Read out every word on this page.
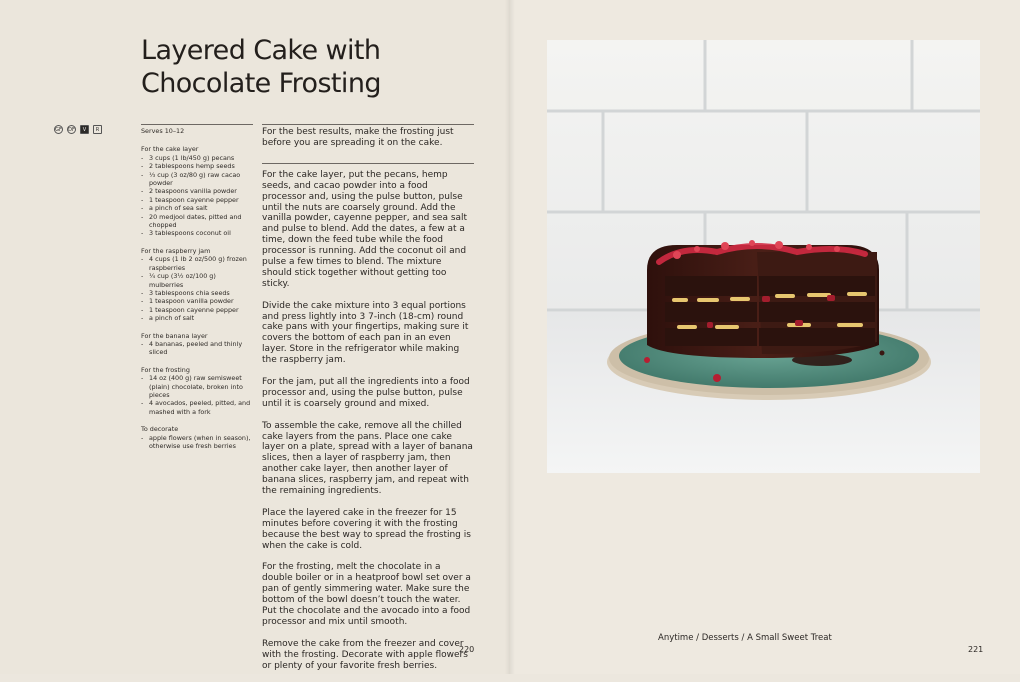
Layered Cake with
Chocolate Frosting
GF DF	V	R	Serves 10–12
For the cake layer
- 3 cups (1 lb/450 g) pecans
- 2 tablespoons hemp seeds
- ⅓ cup (3 oz/80 g) raw cacao powder
- 2 teaspoons vanilla powder
- 1 teaspoon cayenne pepper
- a pinch of sea salt
- 20 medjool dates, pitted and chopped
- 3 tablespoons coconut oil
For the raspberry jam
- 4 cups (1 lb 2 oz/500 g) frozen raspberries
- ¼ cup (3½ oz/100 g) mulberries
- 3 tablespoons chia seeds
- 1 teaspoon vanilla powder
- 1 teaspoon cayenne pepper
- a pinch of salt
For the banana layer
- 4 bananas, peeled and thinly sliced
For the frosting
- 14 oz (400 g) raw semisweet (plain) chocolate, broken into pieces
- 4 avocados, peeled, pitted, and mashed with a fork
To decorate
- apple flowers (when in season), otherwise use fresh berries

For the best results, make the frosting just before you are spreading it on the cake.

For the cake layer, put the pecans, hemp seeds, and cacao powder into a food processor and, using the pulse button, pulse until the nuts are coarsely ground. Add the vanilla powder, cayenne pepper, and sea salt and pulse to blend. Add the dates, a few at a time, down the feed tube while the food processor is running. Add the coconut oil and pulse a few times to blend. The mixture should stick together without getting too sticky.

Divide the cake mixture into 3 equal portions and press lightly into 3 7-inch (18-cm) round cake pans with your fingertips, making sure it covers the bottom of each pan in an even layer. Store in the refrigerator while making the raspberry jam.

For the jam, put all the ingredients into a food processor and, using the pulse button, pulse until it is coarsely ground and mixed.

To assemble the cake, remove all the chilled cake layers from the pans. Place one cake layer on a plate, spread with a layer of banana slices, then a layer of raspberry jam, then another cake layer, then another layer of banana slices, raspberry jam, and repeat with the remaining ingredients.

Place the layered cake in the freezer for 15 minutes before covering it with the frosting because the best way to spread the frosting is when the cake is cold.

For the frosting, melt the chocolate in a double boiler or in a heatproof bowl set over a pan of gently simmering water. Make sure the bottom of the bowl doesn’t touch the water. Put the chocolate and the avocado into a food processor and mix until smooth.

Remove the cake from the freezer and cover with the frosting. Decorate with apple flowers or plenty of your favorite fresh berries.

220	221
Anytime / Desserts / A Small Sweet Treat
